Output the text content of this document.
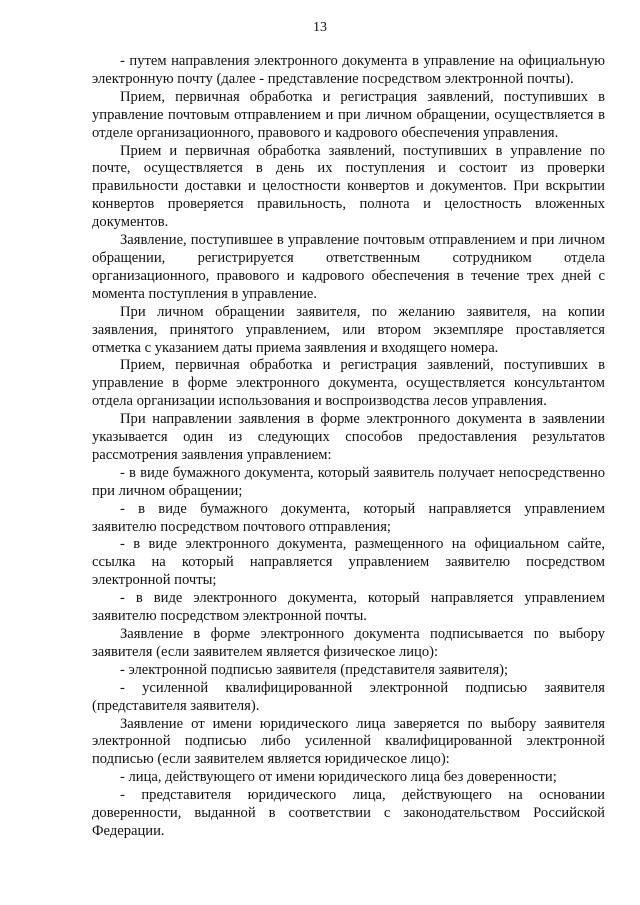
13

- путем направления электронного документа в управление на официальную электронную почту (далее - представление посредством электронной почты).

Прием, первичная обработка и регистрация заявлений, поступивших в управление почтовым отправлением и при личном обращении, осуществляется в отделе организационного, правового и кадрового обеспечения управления.

Прием и первичная обработка заявлений, поступивших в управление по почте, осуществляется в день их поступления и состоит из проверки правильности доставки и целостности конвертов и документов. При вскрытии конвертов проверяется правильность, полнота и целостность вложенных документов.

Заявление, поступившее в управление почтовым отправлением и при личном обращении, регистрируется ответственным сотрудником отдела организационного, правового и кадрового обеспечения в течение трех дней с момента поступления в управление.

При личном обращении заявителя, по желанию заявителя, на копии заявления, принятого управлением, или втором экземпляре проставляется отметка с указанием даты приема заявления и входящего номера.

Прием, первичная обработка и регистрация заявлений, поступивших в управление в форме электронного документа, осуществляется консультантом отдела организации использования и воспроизводства лесов управления.

При направлении заявления в форме электронного документа в заявлении указывается один из следующих способов предоставления результатов рассмотрения заявления управлением:

- в виде бумажного документа, который заявитель получает непосредственно при личном обращении;

- в виде бумажного документа, который направляется управлением заявителю посредством почтового отправления;

- в виде электронного документа, размещенного на официальном сайте, ссылка на который направляется управлением заявителю посредством электронной почты;

- в виде электронного документа, который направляется управлением заявителю посредством электронной почты.

Заявление в форме электронного документа подписывается по выбору заявителя (если заявителем является физическое лицо):

- электронной подписью заявителя (представителя заявителя);

- усиленной квалифицированной электронной подписью заявителя (представителя заявителя).

Заявление от имени юридического лица заверяется по выбору заявителя электронной подписью либо усиленной квалифицированной электронной подписью (если заявителем является юридическое лицо):

- лица, действующего от имени юридического лица без доверенности;

- представителя юридического лица, действующего на основании доверенности, выданной в соответствии с законодательством Российской Федерации.
